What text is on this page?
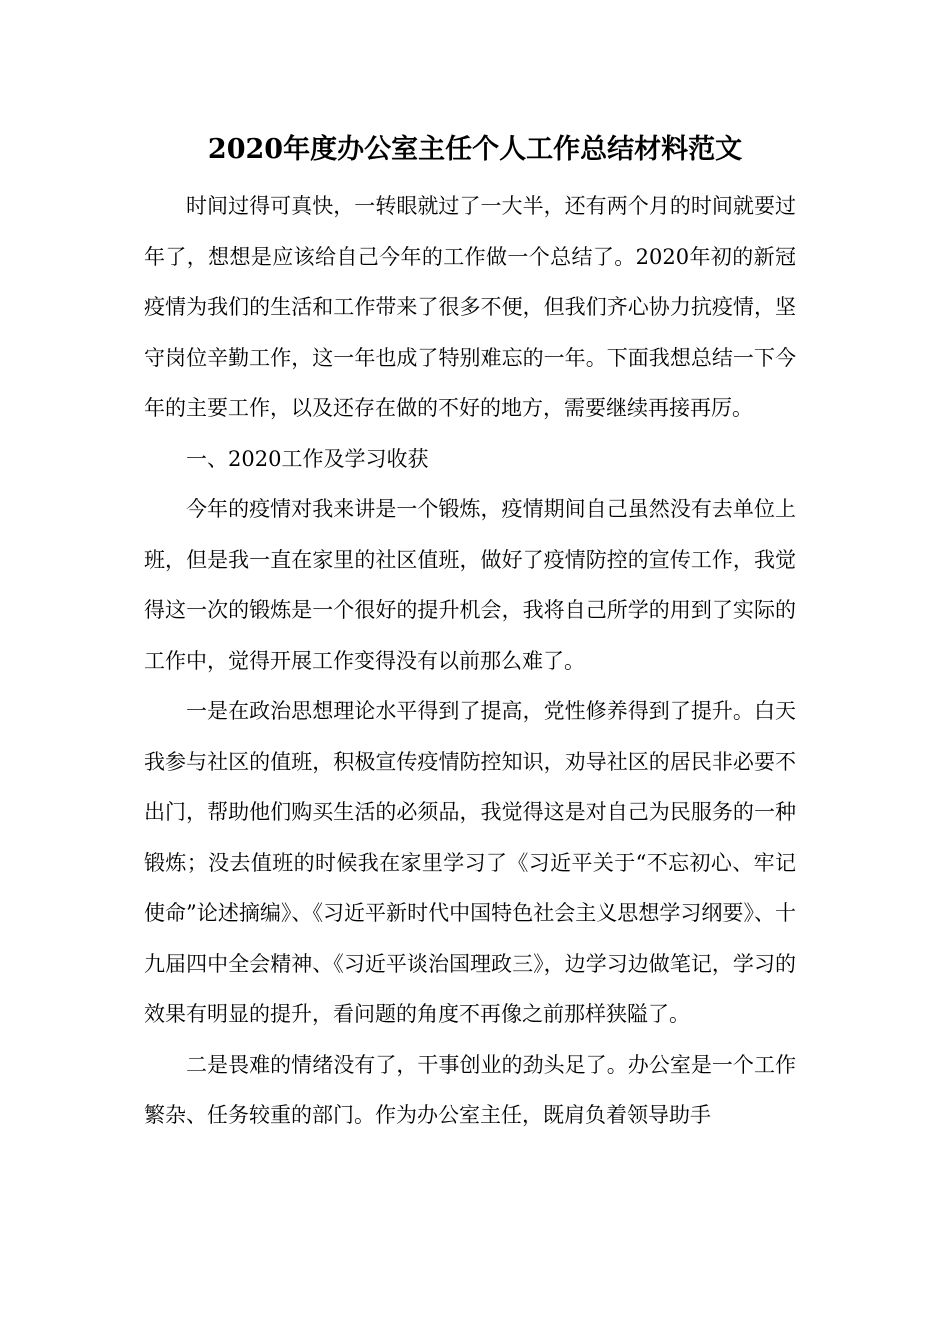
2020年度办公室主任个人工作总结材料范文

时间过得可真快，一转眼就过了一大半，还有两个月的时间就要过年了，想想是应该给自己今年的工作做一个总结了。2020年初的新冠疫情为我们的生活和工作带来了很多不便，但我们齐心协力抗疫情，坚守岗位辛勤工作，这一年也成了特别难忘的一年。下面我想总结一下今年的主要工作，以及还存在做的不好的地方，需要继续再接再厉。

一、2020工作及学习收获

今年的疫情对我来讲是一个锻炼，疫情期间自己虽然没有去单位上班，但是我一直在家里的社区值班，做好了疫情防控的宣传工作，我觉得这一次的锻炼是一个很好的提升机会，我将自己所学的用到了实际的工作中，觉得开展工作变得没有以前那么难了。

一是在政治思想理论水平得到了提高，党性修养得到了提升。白天我参与社区的值班，积极宣传疫情防控知识，劝导社区的居民非必要不出门，帮助他们购买生活的必须品，我觉得这是对自己为民服务的一种锻炼；没去值班的时候我在家里学习了《习近平关于“不忘初心、牢记使命”论述摘编》、《习近平新时代中国特色社会主义思想学习纲要》、十九届四中全会精神、《习近平谈治国理政三》，边学习边做笔记，学习的效果有明显的提升，看问题的角度不再像之前那样狭隘了。

二是畏难的情绪没有了，干事创业的劲头足了。办公室是一个工作繁杂、任务较重的部门。作为办公室主任，既肩负着领导助手
